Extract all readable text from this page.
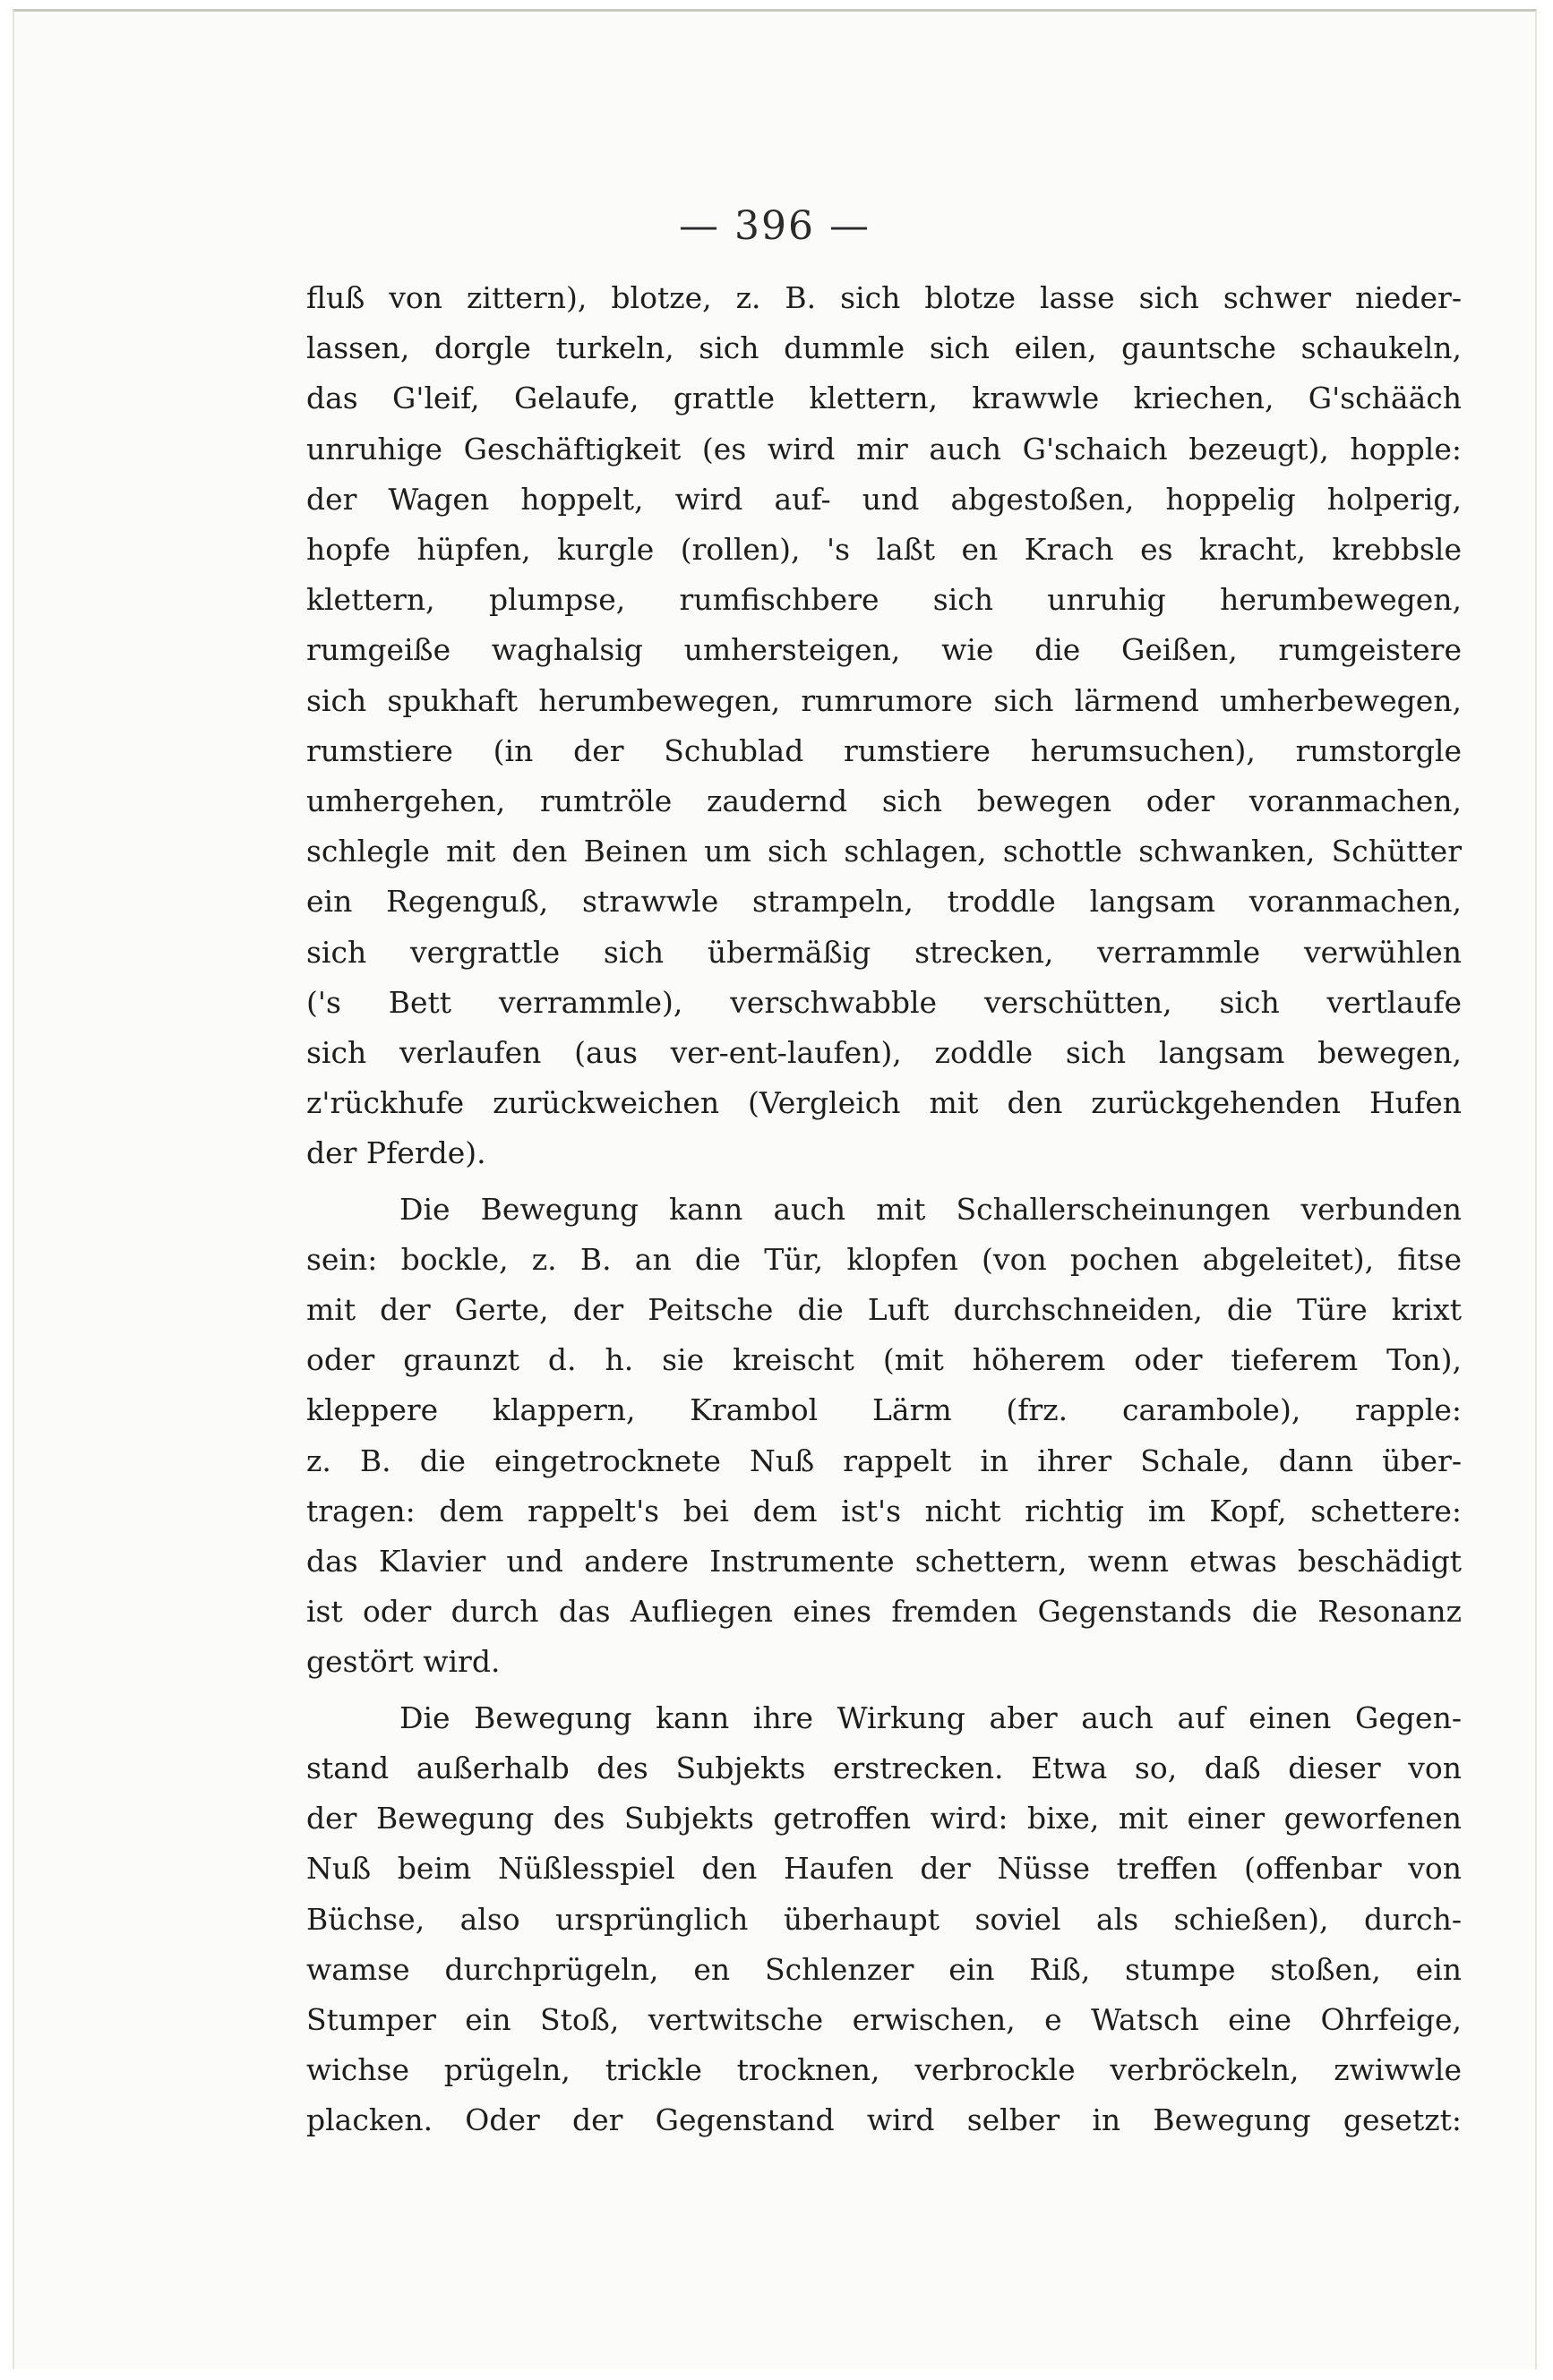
— 396 —
fluß von zittern), blotze, z. B. sich blotze lasse sich schwer nieder-
lassen, dorgle turkeln, sich dummle sich eilen, gauntsche schaukeln,
das G'leif, Gelaufe, grattle klettern, krawwle kriechen, G'schääch
unruhige Geschäftigkeit (es wird mir auch G'schaich bezeugt), hopple:
der Wagen hoppelt, wird auf- und abgestoßen, hoppelig holperig,
hopfe hüpfen, kurgle (rollen), 's laßt en Krach es kracht, krebbsle
klettern, plumpse, rumfischbere sich unruhig herumbewegen,
rumgeiße waghalsig umhersteigen, wie die Geißen, rumgeistere
sich spukhaft herumbewegen, rumrumore sich lärmend umherbewegen,
rumstiere (in der Schublad rumstiere herumsuchen), rumstorgle
umhergehen, rumtröle zaudernd sich bewegen oder voranmachen,
schlegle mit den Beinen um sich schlagen, schottle schwanken, Schütter
ein Regenguß, strawwle strampeln, troddle langsam voranmachen,
sich vergrattle sich übermäßig strecken, verrammle verwühlen
('s Bett verrammle), verschwabble verschütten, sich vertlaufe
sich verlaufen (aus ver-ent-laufen), zoddle sich langsam bewegen,
z'rückhufe zurückweichen (Vergleich mit den zurückgehenden Hufen
der Pferde).
Die Bewegung kann auch mit Schallerscheinungen verbunden
sein: bockle, z. B. an die Tür, klopfen (von pochen abgeleitet), fitse
mit der Gerte, der Peitsche die Luft durchschneiden, die Türe krixt
oder graunzt d. h. sie kreischt (mit höherem oder tieferem Ton),
kleppere klappern, Krambol Lärm (frz. carambole), rapple:
z. B. die eingetrocknete Nuß rappelt in ihrer Schale, dann über-
tragen: dem rappelt's bei dem ist's nicht richtig im Kopf, schettere:
das Klavier und andere Instrumente schettern, wenn etwas beschädigt
ist oder durch das Aufliegen eines fremden Gegenstands die Resonanz
gestört wird.
Die Bewegung kann ihre Wirkung aber auch auf einen Gegen-
stand außerhalb des Subjekts erstrecken. Etwa so, daß dieser von
der Bewegung des Subjekts getroffen wird: bixe, mit einer geworfenen
Nuß beim Nüßlesspiel den Haufen der Nüsse treffen (offenbar von
Büchse, also ursprünglich überhaupt soviel als schießen), durch-
wamse durchprügeln, en Schlenzer ein Riß, stumpe stoßen, ein
Stumper ein Stoß, vertwitsche erwischen, e Watsch eine Ohrfeige,
wichse prügeln, trickle trocknen, verbrockle verbröckeln, zwiwwle
placken. Oder der Gegenstand wird selber in Bewegung gesetzt:
